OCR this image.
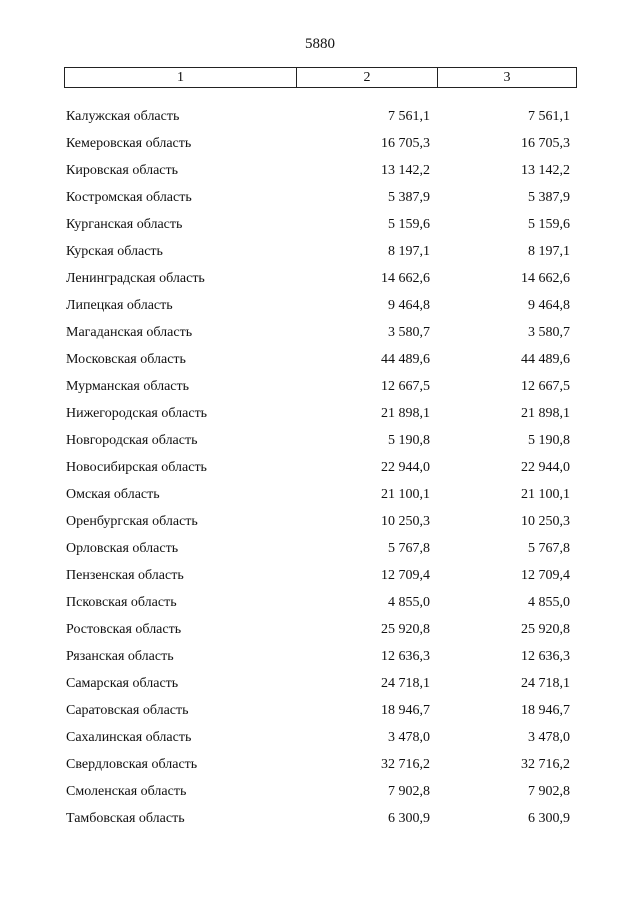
5880
1	2	3
Калужская область	7 561,1	7 561,1
Кемеровская область	16 705,3	16 705,3
Кировская область	13 142,2	13 142,2
Костромская область	5 387,9	5 387,9
Курганская область	5 159,6	5 159,6
Курская область	8 197,1	8 197,1
Ленинградская область	14 662,6	14 662,6
Липецкая область	9 464,8	9 464,8
Магаданская область	3 580,7	3 580,7
Московская область	44 489,6	44 489,6
Мурманская область	12 667,5	12 667,5
Нижегородская область	21 898,1	21 898,1
Новгородская область	5 190,8	5 190,8
Новосибирская область	22 944,0	22 944,0
Омская область	21 100,1	21 100,1
Оренбургская область	10 250,3	10 250,3
Орловская область	5 767,8	5 767,8
Пензенская область	12 709,4	12 709,4
Псковская область	4 855,0	4 855,0
Ростовская область	25 920,8	25 920,8
Рязанская область	12 636,3	12 636,3
Самарская область	24 718,1	24 718,1
Саратовская область	18 946,7	18 946,7
Сахалинская область	3 478,0	3 478,0
Свердловская область	32 716,2	32 716,2
Смоленская область	7 902,8	7 902,8
Тамбовская область	6 300,9	6 300,9
